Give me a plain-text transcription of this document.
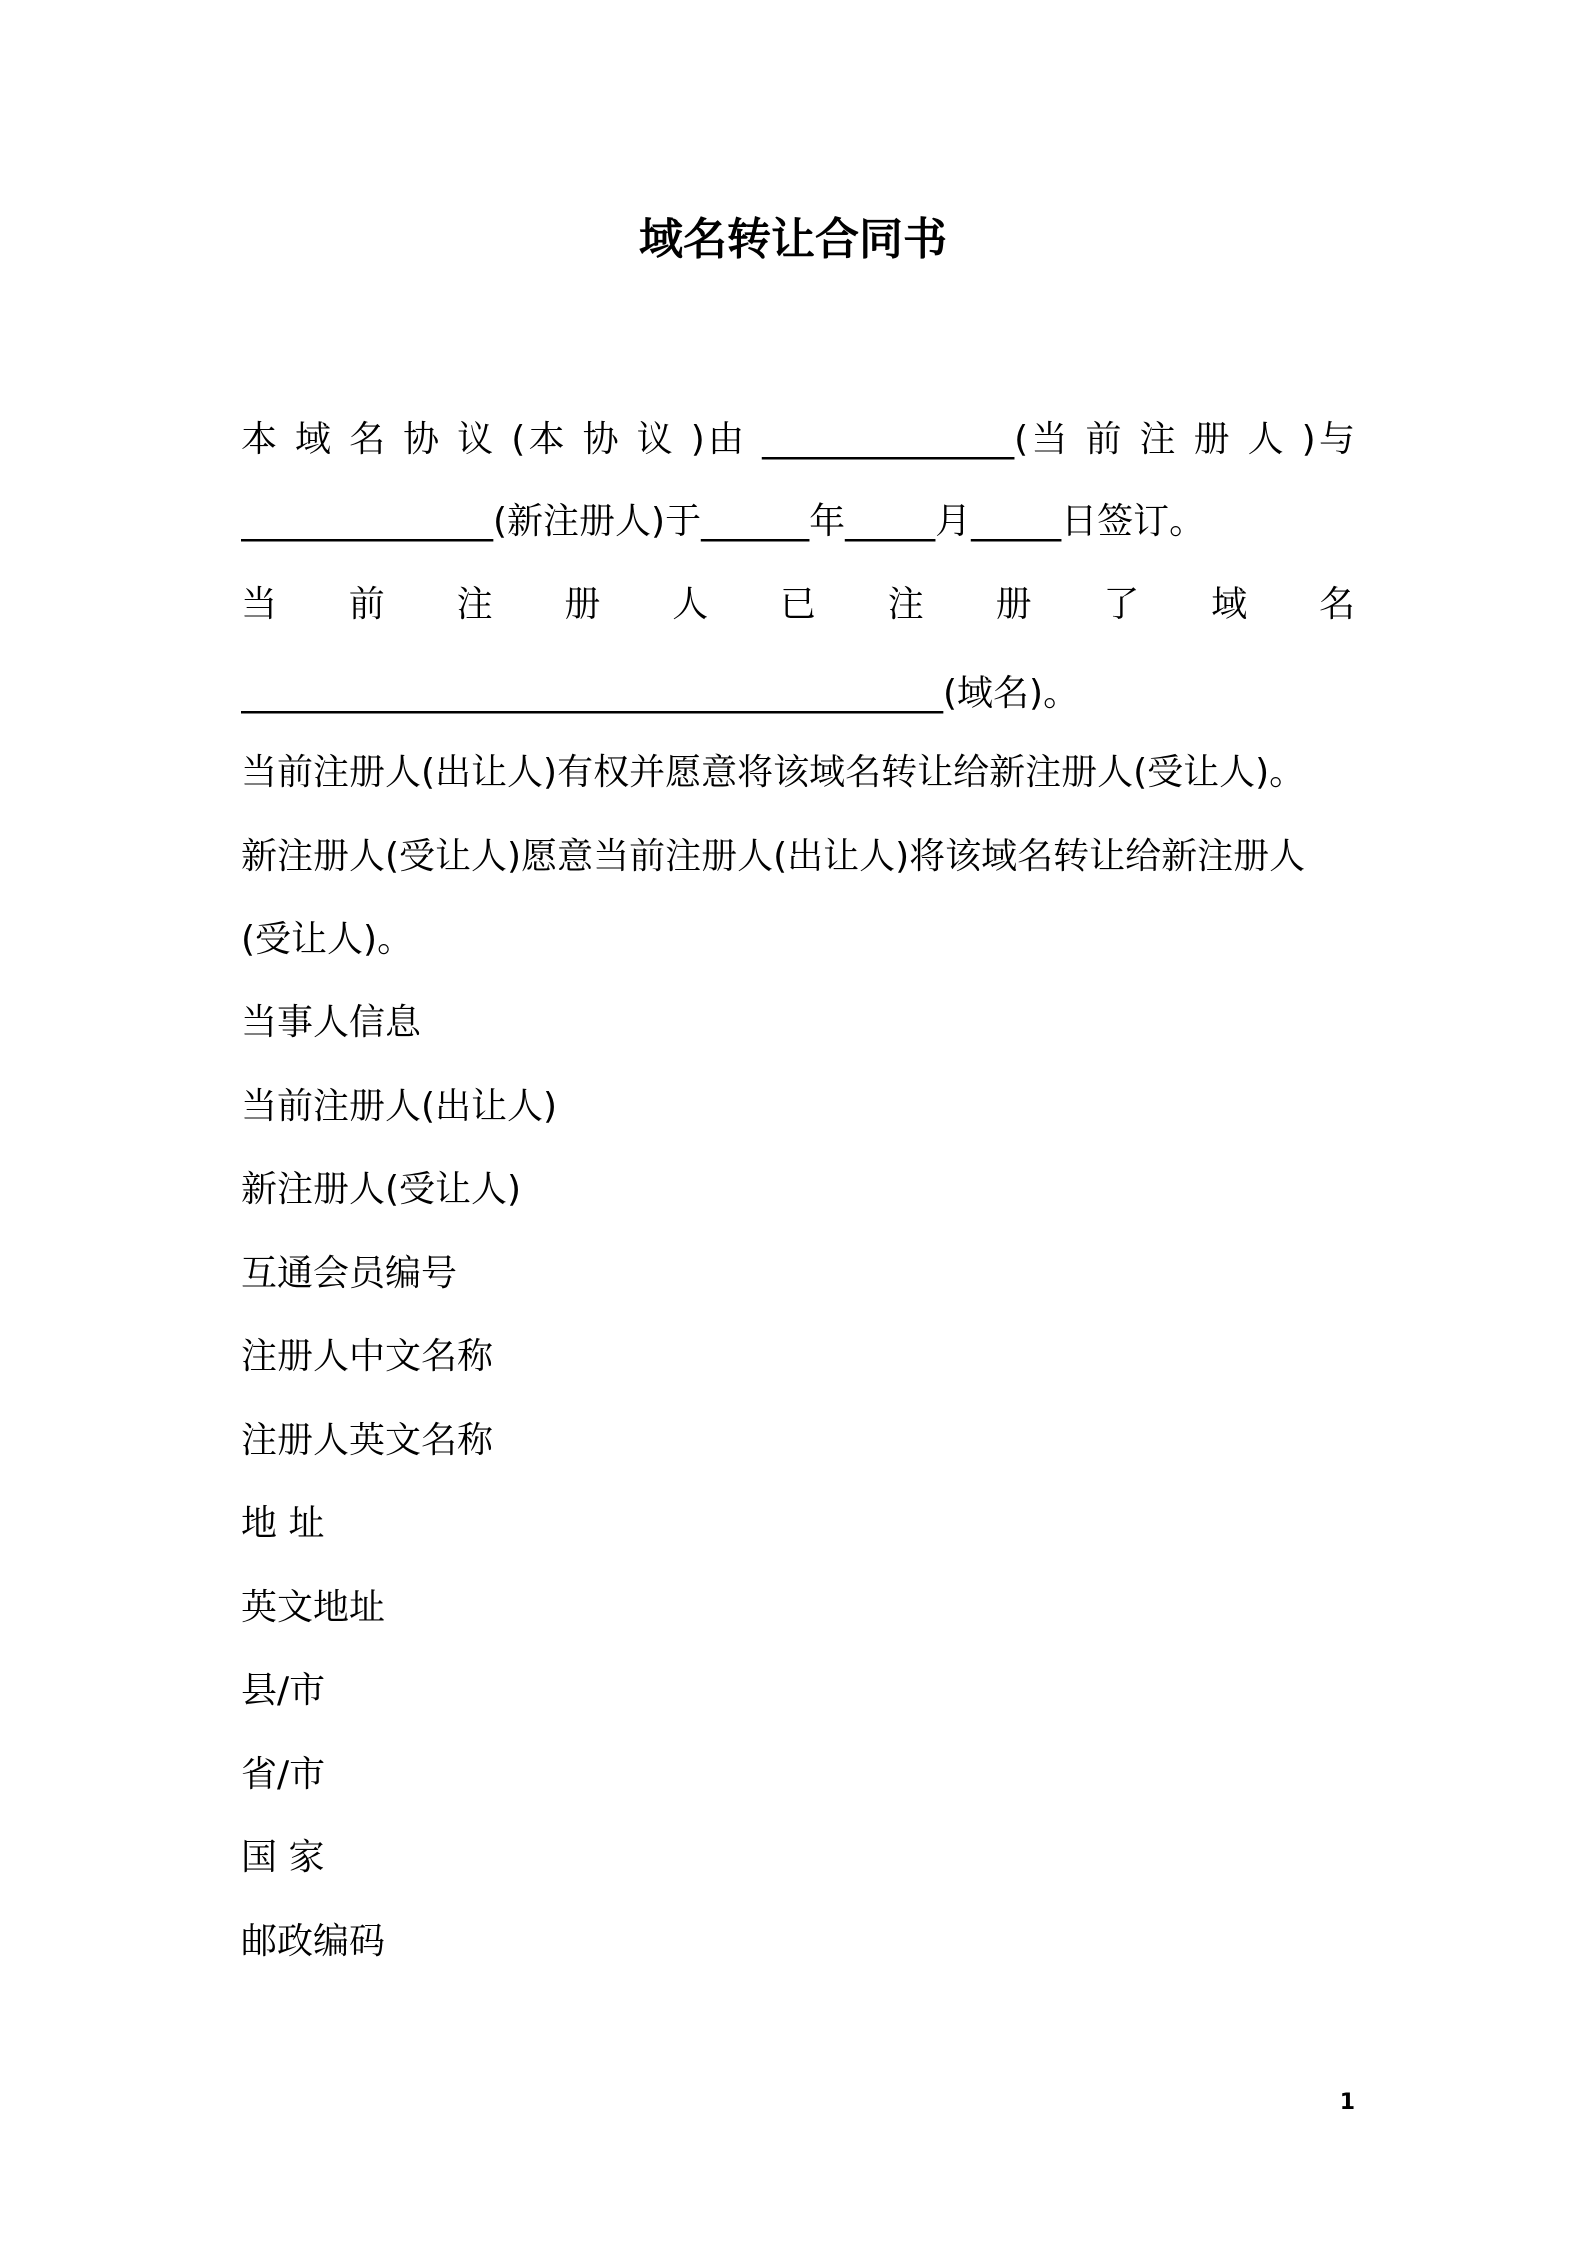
域名转让合同书
本 域 名 协 议 (本 协 议 )由 ______________(当 前 注 册 人 )与
______________(新注册人)于______年_____月_____日签订。
当 前 注 册 人 已 注 册 了 域 名
_______________________________________(域名)。
当前注册人(出让人)有权并愿意将该域名转让给新注册人(受让人)。
新注册人(受让人)愿意当前注册人(出让人)将该域名转让给新注册人
(受让人)。
当事人信息
当前注册人(出让人)
新注册人(受让人)
互通会员编号
注册人中文名称
注册人英文名称
地 址
英文地址
县/市
省/市
国 家
邮政编码
1
